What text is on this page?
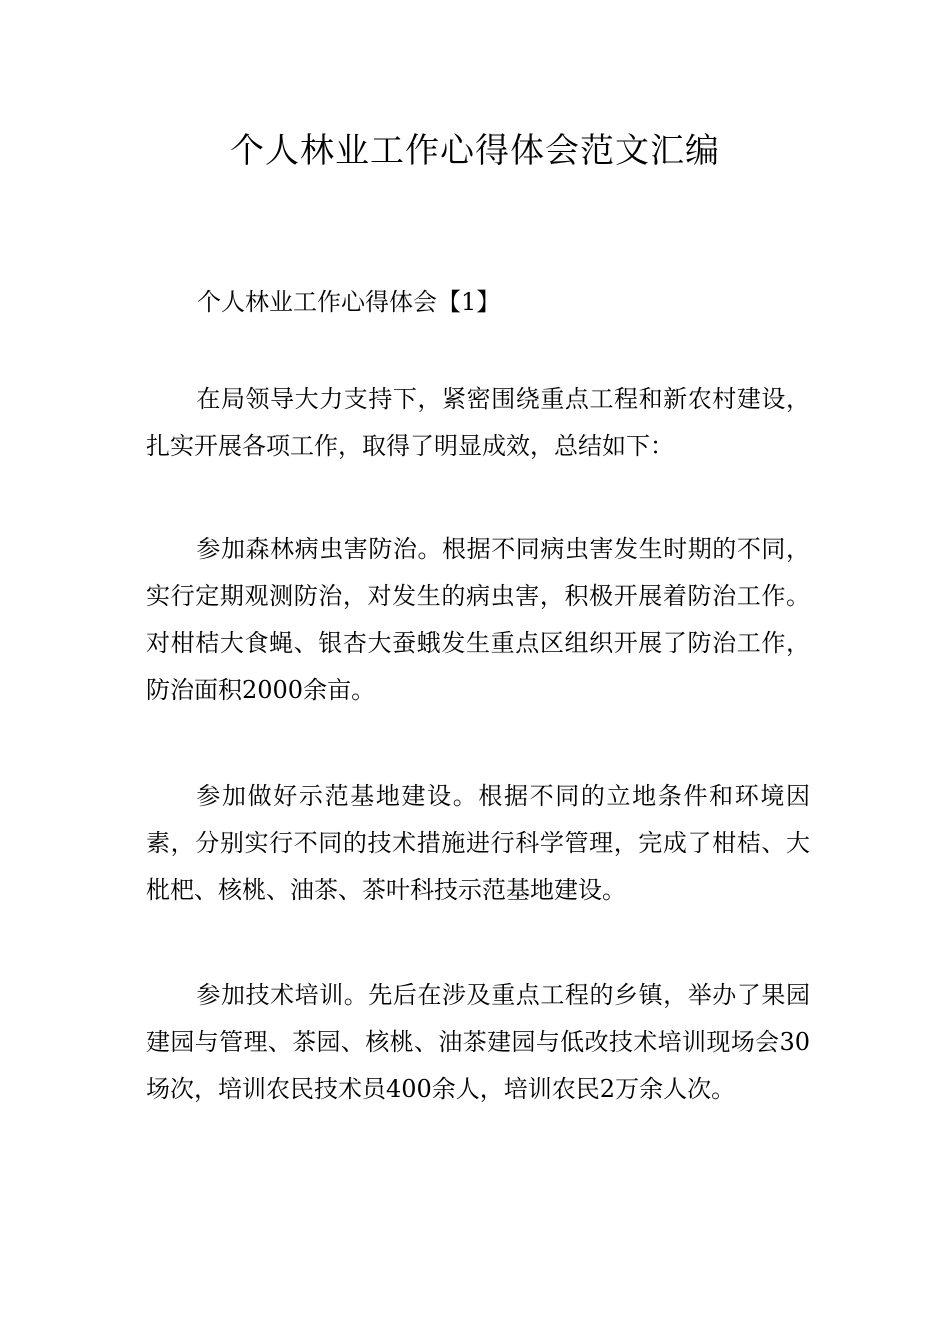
个人林业工作心得体会范文汇编
个人林业工作心得体会【1】

在局领导大力支持下，紧密围绕重点工程和新农村建设，扎实开展各项工作，取得了明显成效，总结如下：

参加森林病虫害防治。根据不同病虫害发生时期的不同，实行定期观测防治，对发生的病虫害，积极开展着防治工作。对柑桔大食蝇、银杏大蚕蛾发生重点区组织开展了防治工作，防治面积2000余亩。

参加做好示范基地建设。根据不同的立地条件和环境因素，分别实行不同的技术措施进行科学管理，完成了柑桔、大枇杷、核桃、油茶、茶叶科技示范基地建设。

参加技术培训。先后在涉及重点工程的乡镇，举办了果园建园与管理、茶园、核桃、油茶建园与低改技术培训现场会30场次，培训农民技术员400余人，培训农民2万余人次。
